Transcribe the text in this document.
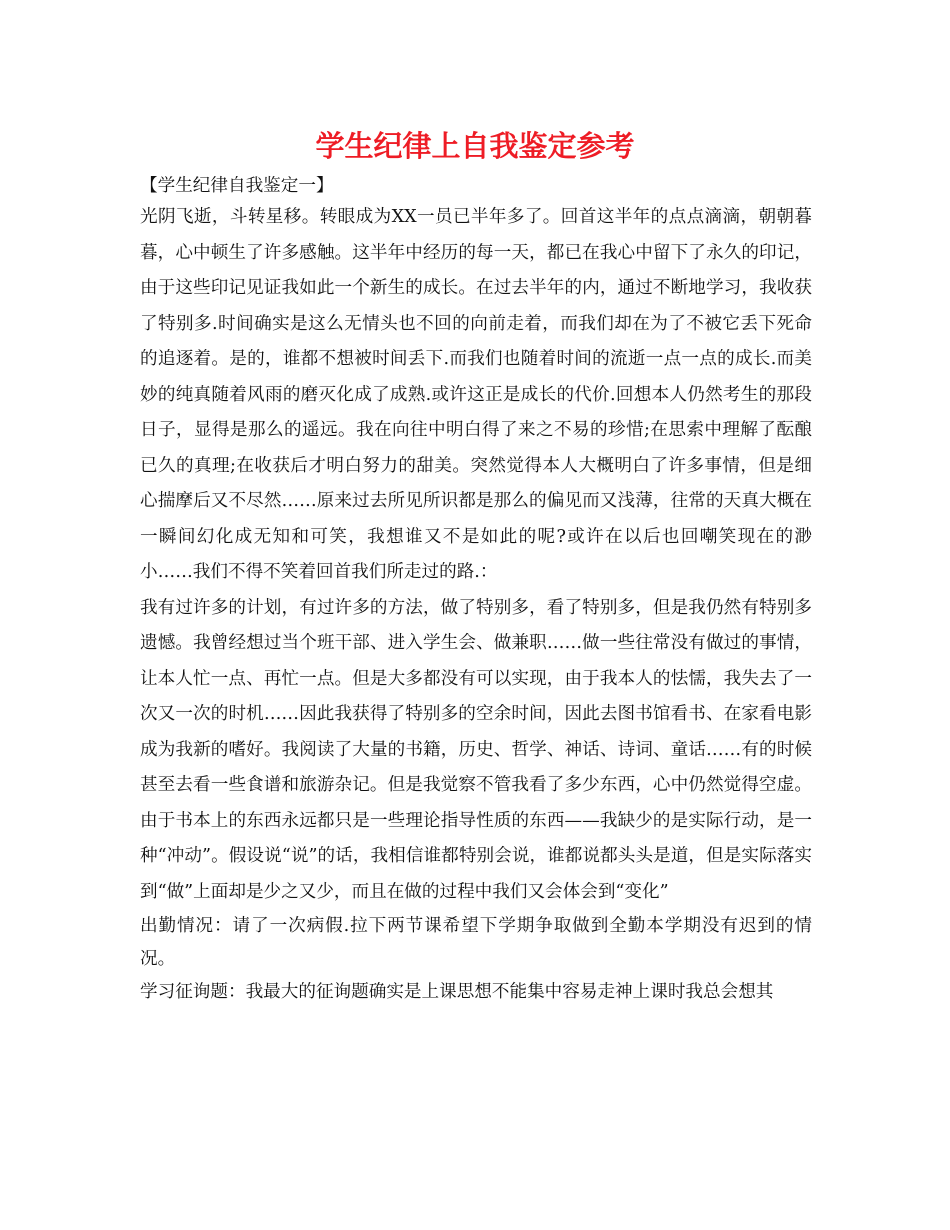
学生纪律上自我鉴定参考

【学生纪律自我鉴定一】

光阴飞逝，斗转星移。转眼成为XX一员已半年多了。回首这半年的点点滴滴，朝朝暮暮，心中顿生了许多感触。这半年中经历的每一天，都已在我心中留下了永久的印记，由于这些印记见证我如此一个新生的成长。在过去半年的内，通过不断地学习，我收获了特别多.时间确实是这么无情头也不回的向前走着，而我们却在为了不被它丢下死命的追逐着。是的，谁都不想被时间丢下.而我们也随着时间的流逝一点一点的成长.而美妙的纯真随着风雨的磨灭化成了成熟.或许这正是成长的代价.回想本人仍然考生的那段日子，显得是那么的遥远。我在向往中明白得了来之不易的珍惜;在思索中理解了酝酿已久的真理;在收获后才明白努力的甜美。突然觉得本人大概明白了许多事情，但是细心揣摩后又不尽然……原来过去所见所识都是那么的偏见而又浅薄，往常的天真大概在一瞬间幻化成无知和可笑，我想谁又不是如此的呢?或许在以后也回嘲笑现在的渺小……我们不得不笑着回首我们所走过的路.：

我有过许多的计划，有过许多的方法，做了特别多，看了特别多，但是我仍然有特别多遗憾。我曾经想过当个班干部、进入学生会、做兼职……做一些往常没有做过的事情，让本人忙一点、再忙一点。但是大多都没有可以实现，由于我本人的怯懦，我失去了一次又一次的时机……因此我获得了特别多的空余时间，因此去图书馆看书、在家看电影成为我新的嗜好。我阅读了大量的书籍，历史、哲学、神话、诗词、童话……有的时候甚至去看一些食谱和旅游杂记。但是我觉察不管我看了多少东西，心中仍然觉得空虚。由于书本上的东西永远都只是一些理论指导性质的东西——我缺少的是实际行动，是一种“冲动”。假设说“说”的话，我相信谁都特别会说，谁都说都头头是道，但是实际落实到“做”上面却是少之又少，而且在做的过程中我们又会体会到“变化”

出勤情况：请了一次病假.拉下两节课希望下学期争取做到全勤本学期没有迟到的情况。

学习征询题：我最大的征询题确实是上课思想不能集中容易走神上课时我总会想其
